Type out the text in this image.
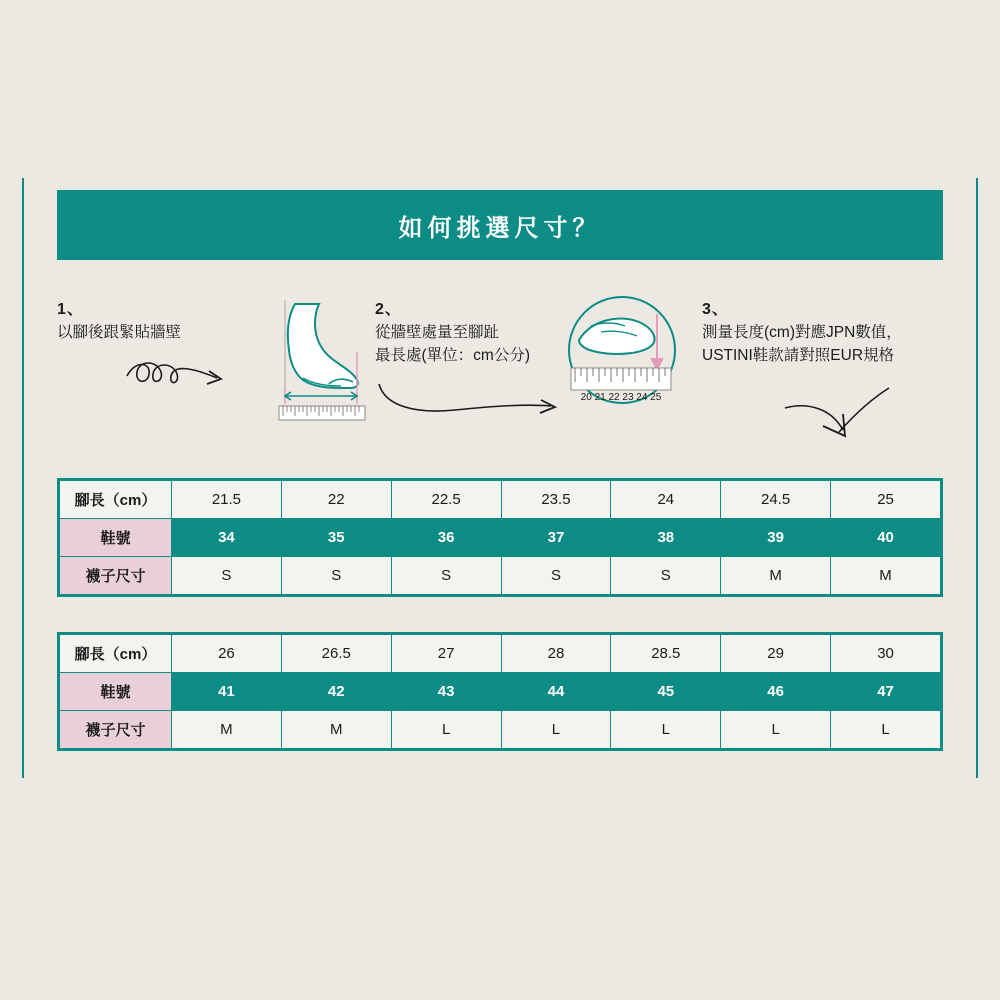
如何挑選尺寸？
1、
以腳後跟緊貼牆壁
2、
從牆壁處量至腳趾
最長處(單位：cm公分)
20 21 22 23 24 25
3、
測量長度(cm)對應JPN數值，
USTINI鞋款請對照EUR規格
腳長（cm）	21.5	22	22.5	23.5	24	24.5	25
鞋號	34	35	36	37	38	39	40
襪子尺寸	S	S	S	S	S	M	M
腳長（cm）	26	26.5	27	28	28.5	29	30
鞋號	41	42	43	44	45	46	47
襪子尺寸	M	M	L	L	L	L	L
